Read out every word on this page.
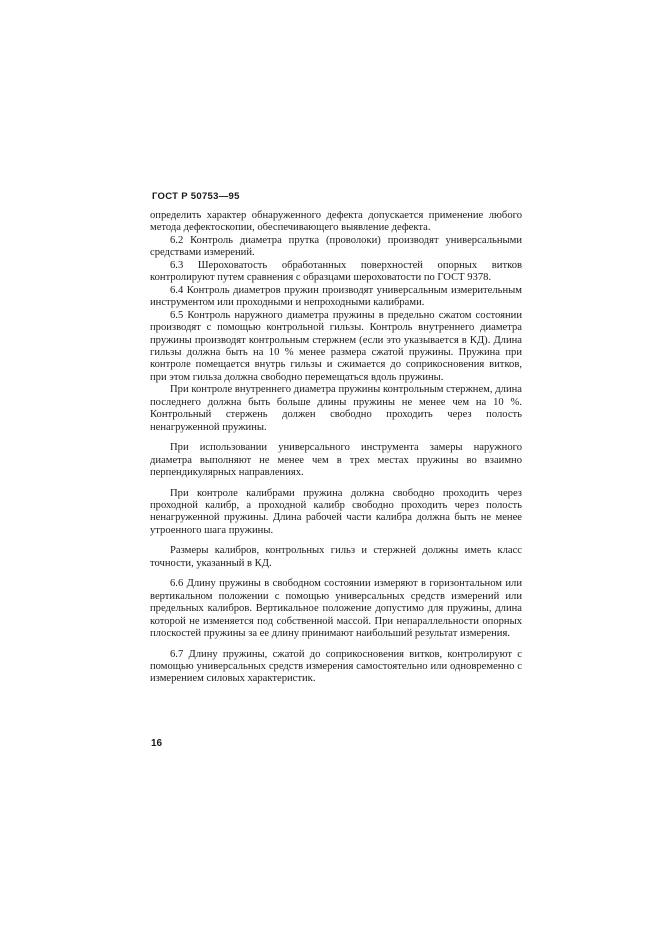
ГОСТ Р 50753—95

определить характер обнаруженного дефекта допускается применение любого метода дефектоскопии, обеспечивающего выявление дефекта.

6.2 Контроль диаметра прутка (проволоки) производят универсальными средствами измерений.

6.3 Шероховатость обработанных поверхностей опорных витков контролируют путем сравнения с образцами шероховатости по ГОСТ 9378.

6.4 Контроль диаметров пружин производят универсальным измерительным инструментом или проходными и непроходными калибрами.

6.5 Контроль наружного диаметра пружины в предельно сжатом состоянии производят с помощью контрольной гильзы. Контроль внутреннего диаметра пружины производят контрольным стержнем (если это указывается в КД). Длина гильзы должна быть на 10 % менее размера сжатой пружины. Пружина при контроле помещается внутрь гильзы и сжимается до соприкосновения витков, при этом гильза должна свободно перемещаться вдоль пружины.

При контроле внутреннего диаметра пружины контрольным стержнем, длина последнего должна быть больше длины пружины не менее чем на 10 %. Контрольный стержень должен свободно проходить через полость ненагруженной пружины.

При использовании универсального инструмента замеры наружного диаметра выполняют не менее чем в трех местах пружины во взаимно перпендикулярных направлениях.

При контроле калибрами пружина должна свободно проходить через проходной калибр, а проходной калибр свободно проходить через полость ненагруженной пружины. Длина рабочей части калибра должна быть не менее утроенного шага пружины.

Размеры калибров, контрольных гильз и стержней должны иметь класс точности, указанный в КД.

6.6 Длину пружины в свободном состоянии измеряют в горизонтальном или вертикальном положении с помощью универсальных средств измерений или предельных калибров. Вертикальное положение допустимо для пружины, длина которой не изменяется под собственной массой. При непараллельности опорных плоскостей пружины за ее длину принимают наибольший результат измерения.

6.7 Длину пружины, сжатой до соприкосновения витков, контролируют с помощью универсальных средств измерения самостоятельно или одновременно с измерением силовых характеристик.

16
